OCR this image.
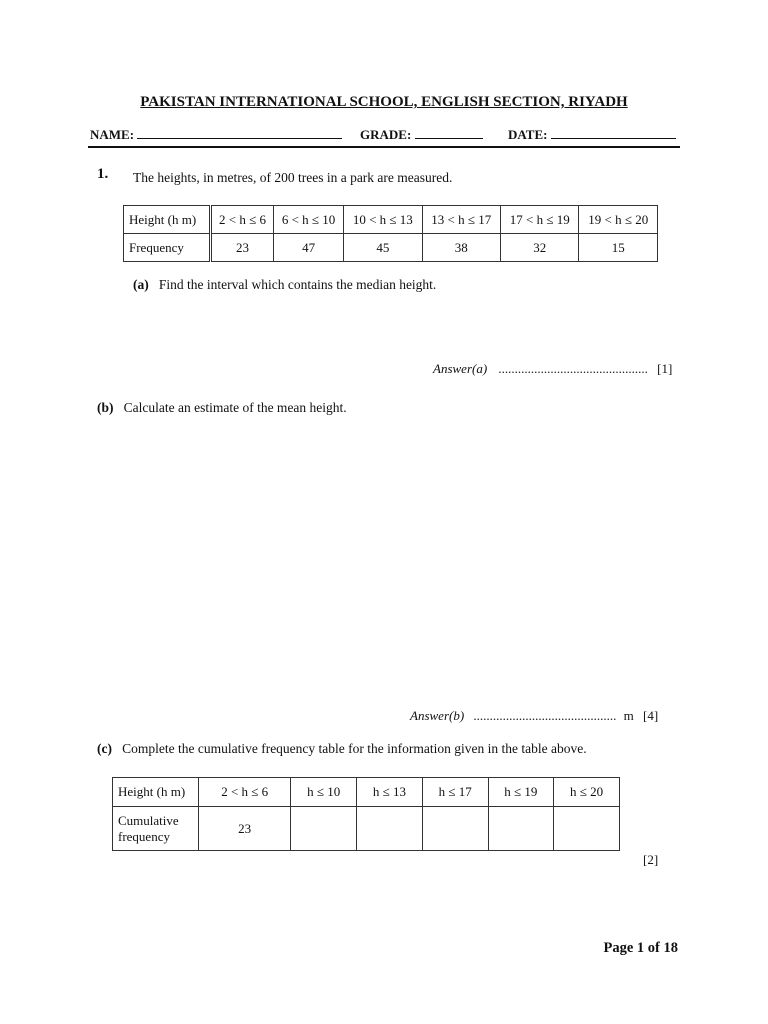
PAKISTAN INTERNATIONAL SCHOOL, ENGLISH SECTION, RIYADH
NAME:	GRADE:	DATE:
1. The heights, in metres, of 200 trees in a park are measured.
Height (h m)	2 < h ≤ 6	6 < h ≤ 10	10 < h ≤ 13	13 < h ≤ 17	17 < h ≤ 19	19 < h ≤ 20
Frequency	23	47	45	38	32	15
(a) Find the interval which contains the median height.
Answer(a) .............................................. [1]
(b) Calculate an estimate of the mean height.
Answer(b) ............................................ m [4]
(c) Complete the cumulative frequency table for the information given in the table above.
Height (h m)	2 < h ≤ 6	h ≤ 10	h ≤ 13	h ≤ 17	h ≤ 19	h ≤ 20
Cumulative frequency	23					
[2]
Page 1 of 18
